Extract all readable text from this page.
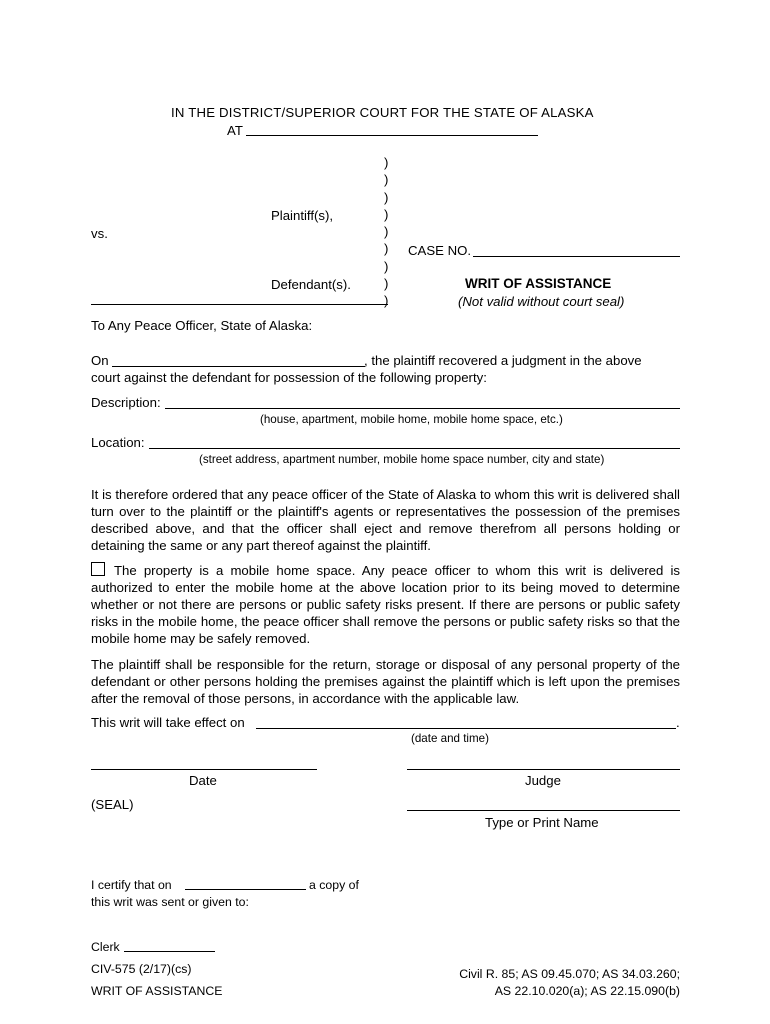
IN THE DISTRICT/SUPERIOR COURT FOR THE STATE OF ALASKA
AT
)
)
)
)
)
)
)
)
)
Plaintiff(s),
vs.
CASE NO.
Defendant(s).	WRIT OF ASSISTANCE
(Not valid without court seal)
To Any Peace Officer, State of Alaska:
On	, the plaintiff recovered a judgment in the above
court against the defendant for possession of the following property:
Description:
(house, apartment, mobile home, mobile home space, etc.)
Location:
(street address, apartment number, mobile home space number, city and state)
It is therefore ordered that any peace officer of the State of Alaska to whom this writ is delivered shall turn over to the plaintiff or the plaintiff's agents or representatives the possession of the premises described above, and that the officer shall eject and remove therefrom all persons holding or detaining the same or any part thereof against the plaintiff.
The property is a mobile home space. Any peace officer to whom this writ is delivered is authorized to enter the mobile home at the above location prior to its being moved to determine whether or not there are persons or public safety risks present. If there are persons or public safety risks in the mobile home, the peace officer shall remove the persons or public safety risks so that the mobile home may be safely removed.
The plaintiff shall be responsible for the return, storage or disposal of any personal property of the defendant or other persons holding the premises against the plaintiff which is left upon the premises after the removal of those persons, in accordance with the applicable law.
This writ will take effect on	.
(date and time)
Date	Judge
(SEAL)
Type or Print Name
I certify that on	a copy of
this writ was sent or given to:
Clerk
CIV-575 (2/17)(cs)
WRIT OF ASSISTANCE
Civil R. 85; AS 09.45.070; AS 34.03.260;
AS 22.10.020(a); AS 22.15.090(b)
